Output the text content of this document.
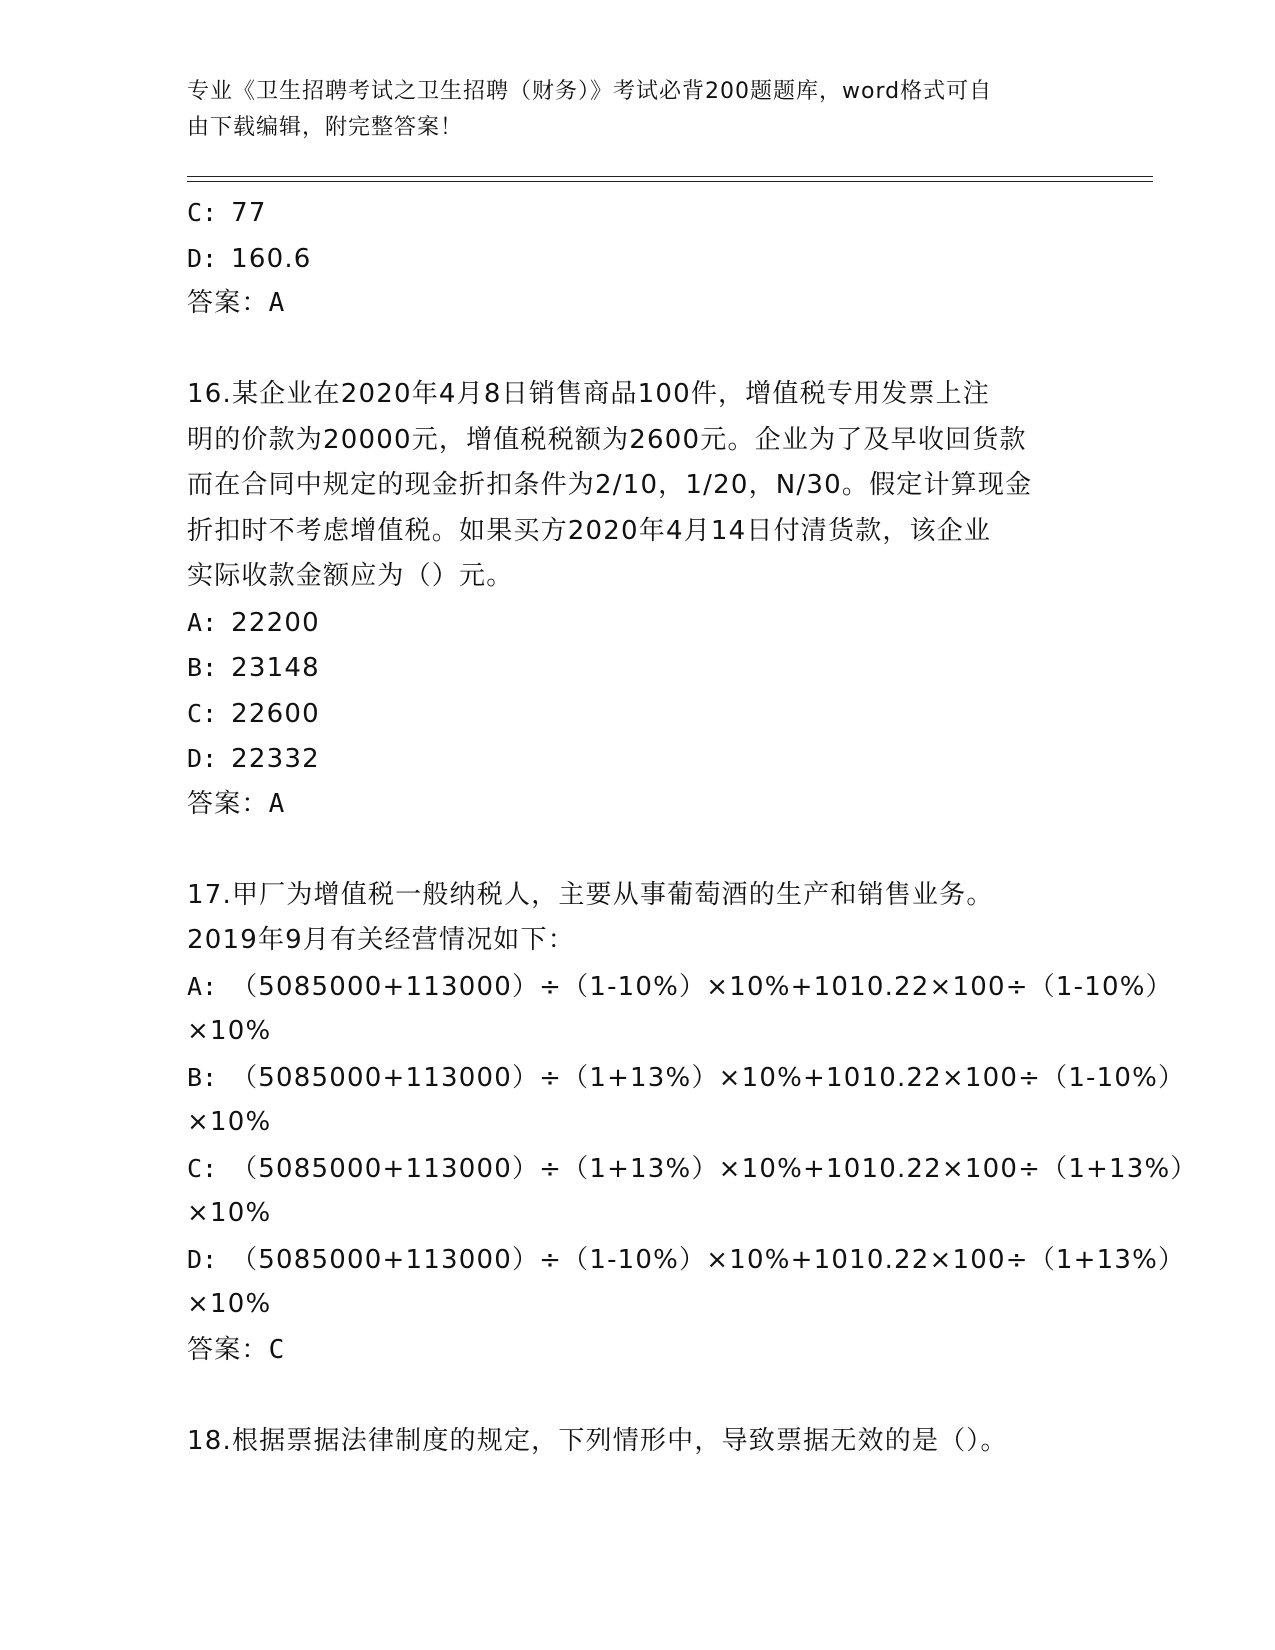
专业《卫生招聘考试之卫生招聘（财务）》考试必背200题题库，word格式可自
由下载编辑，附完整答案！
C: 77
D: 160.6
答案：A
16.某企业在2020年4月8日销售商品100件，增值税专用发票上注
明的价款为20000元，增值税税额为2600元。企业为了及早收回货款
而在合同中规定的现金折扣条件为2/10，1/20，N/30。假定计算现金
折扣时不考虑增值税。如果买方2020年4月14日付清货款，该企业
实际收款金额应为（）元。
A: 22200
B: 23148
C: 22600
D: 22332
答案：A
17.甲厂为增值税一般纳税人，主要从事葡萄酒的生产和销售业务。
2019年9月有关经营情况如下：
A: （5085000+113000）÷（1-10%）×10%+1010.22×100÷（1-10%）
×10%
B: （5085000+113000）÷（1+13%）×10%+1010.22×100÷（1-10%）
×10%
C: （5085000+113000）÷（1+13%）×10%+1010.22×100÷（1+13%）
×10%
D: （5085000+113000）÷（1-10%）×10%+1010.22×100÷（1+13%）
×10%
答案：C
18.根据票据法律制度的规定，下列情形中，导致票据无效的是（）。
